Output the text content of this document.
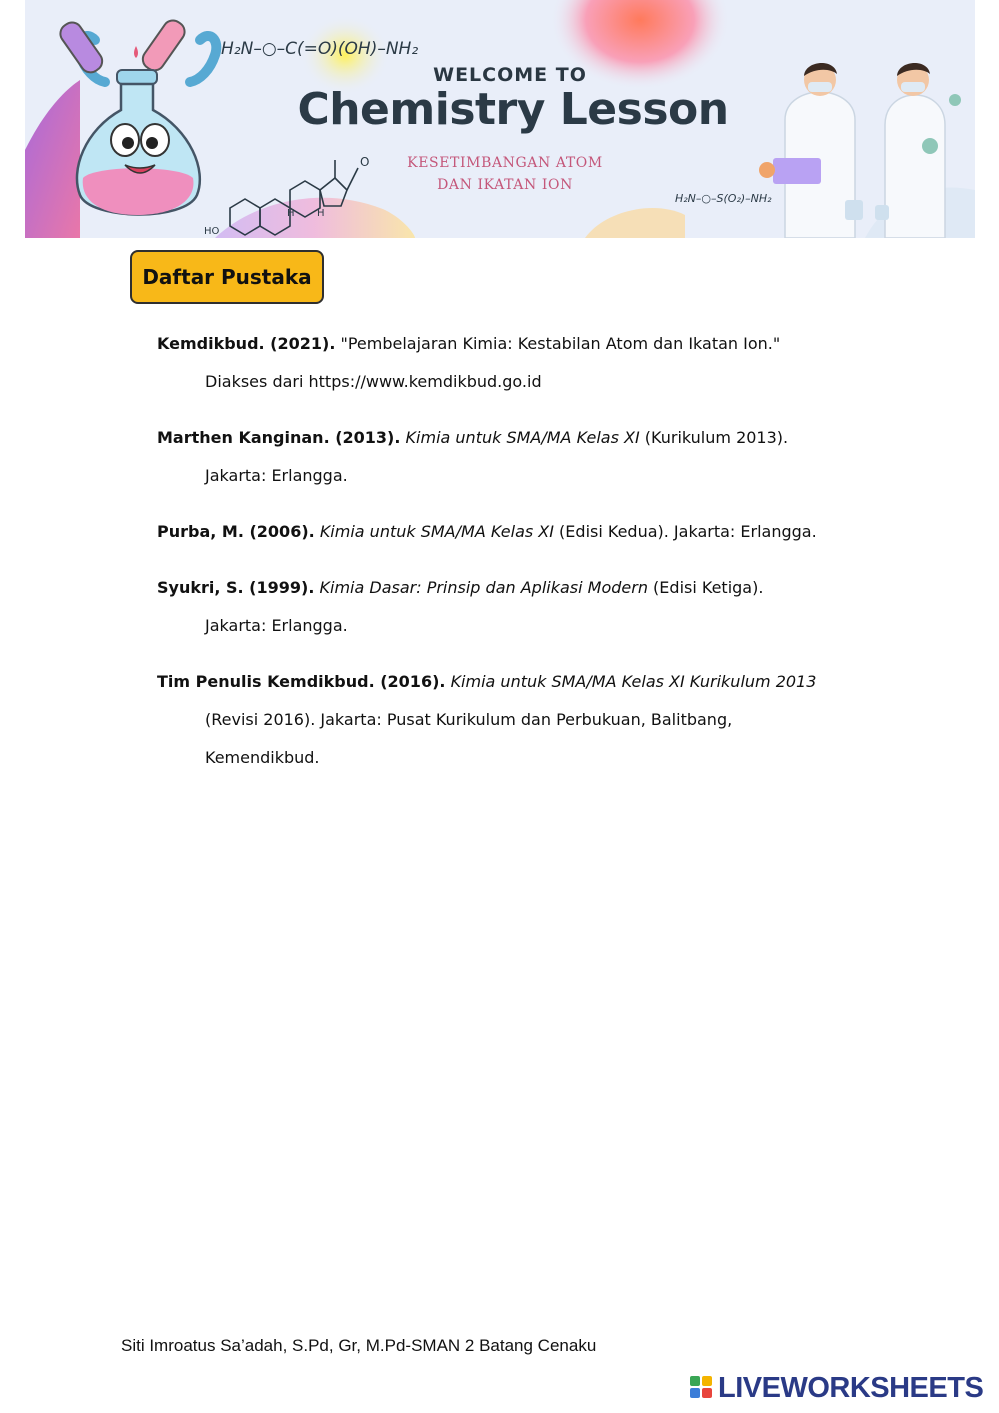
HO
H H
O
H₂N–○–C(=O)(OH)–NH₂
H₂N–○–S(O₂)–NH₂
WELCOME TO
Chemistry Lesson
KESETIMBANGAN ATOM
DAN IKATAN ION
Daftar Pustaka
Kemdikbud. (2021). "Pembelajaran Kimia: Kestabilan Atom dan Ikatan Ion."
Diakses dari https://www.kemdikbud.go.id
Marthen Kanginan. (2013). Kimia untuk SMA/MA Kelas XI (Kurikulum 2013).
Jakarta: Erlangga.
Purba, M. (2006). Kimia untuk SMA/MA Kelas XI (Edisi Kedua). Jakarta: Erlangga.
Syukri, S. (1999). Kimia Dasar: Prinsip dan Aplikasi Modern (Edisi Ketiga).
Jakarta: Erlangga.
Tim Penulis Kemdikbud. (2016). Kimia untuk SMA/MA Kelas XI Kurikulum 2013
(Revisi 2016). Jakarta: Pusat Kurikulum dan Perbukuan, Balitbang,
Kemendikbud.
Siti Imroatus Sa’adah, S.Pd, Gr, M.Pd-SMAN 2 Batang Cenaku
LIVEWORKSHEETS
